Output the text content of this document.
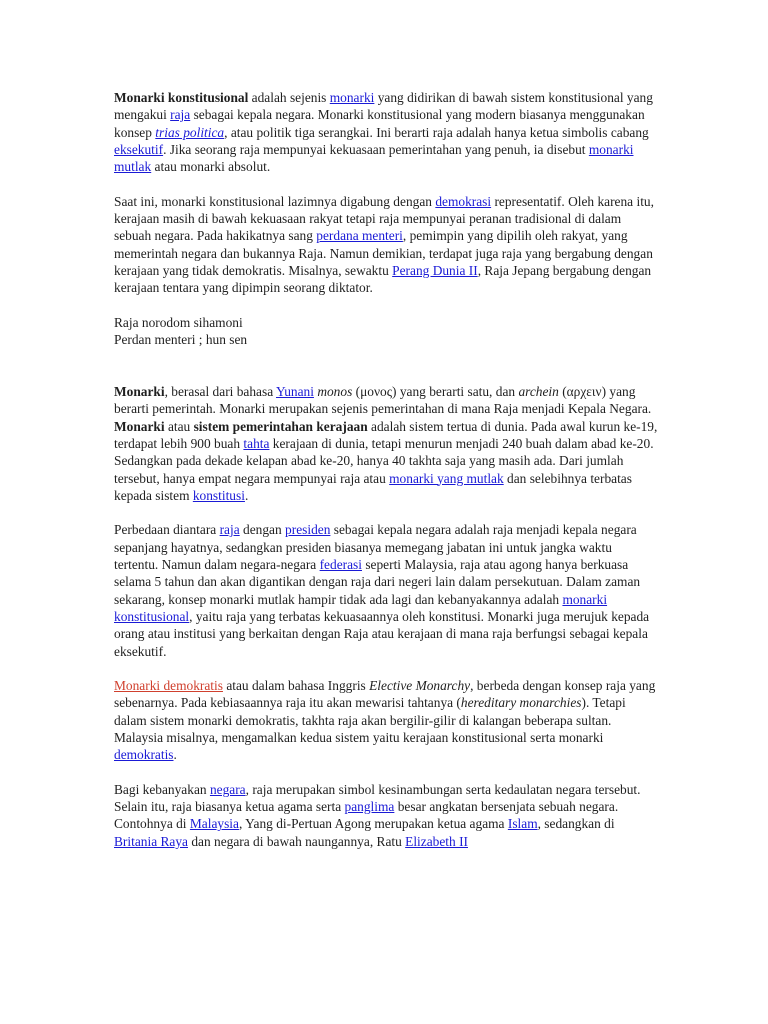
Monarki konstitusional adalah sejenis monarki yang didirikan di bawah sistem konstitusional yang mengakui raja sebagai kepala negara. Monarki konstitusional yang modern biasanya menggunakan konsep trias politica, atau politik tiga serangkai. Ini berarti raja adalah hanya ketua simbolis cabang eksekutif. Jika seorang raja mempunyai kekuasaan pemerintahan yang penuh, ia disebut monarki mutlak atau monarki absolut.

Saat ini, monarki konstitusional lazimnya digabung dengan demokrasi representatif. Oleh karena itu, kerajaan masih di bawah kekuasaan rakyat tetapi raja mempunyai peranan tradisional di dalam sebuah negara. Pada hakikatnya sang perdana menteri, pemimpin yang dipilih oleh rakyat, yang memerintah negara dan bukannya Raja. Namun demikian, terdapat juga raja yang bergabung dengan kerajaan yang tidak demokratis. Misalnya, sewaktu Perang Dunia II, Raja Jepang bergabung dengan kerajaan tentara yang dipimpin seorang diktator.

Raja norodom sihamoni

Perdan menteri ; hun sen

Monarki, berasal dari bahasa Yunani monos (μονος) yang berarti satu, dan archein (αρχειν) yang berarti pemerintah. Monarki merupakan sejenis pemerintahan di mana Raja menjadi Kepala Negara. Monarki atau sistem pemerintahan kerajaan adalah sistem tertua di dunia. Pada awal kurun ke-19, terdapat lebih 900 buah tahta kerajaan di dunia, tetapi menurun menjadi 240 buah dalam abad ke-20. Sedangkan pada dekade kelapan abad ke-20, hanya 40 takhta saja yang masih ada. Dari jumlah tersebut, hanya empat negara mempunyai raja atau monarki yang mutlak dan selebihnya terbatas kepada sistem konstitusi.

Perbedaan diantara raja dengan presiden sebagai kepala negara adalah raja menjadi kepala negara sepanjang hayatnya, sedangkan presiden biasanya memegang jabatan ini untuk jangka waktu tertentu. Namun dalam negara-negara federasi seperti Malaysia, raja atau agong hanya berkuasa selama 5 tahun dan akan digantikan dengan raja dari negeri lain dalam persekutuan. Dalam zaman sekarang, konsep monarki mutlak hampir tidak ada lagi dan kebanyakannya adalah monarki konstitusional, yaitu raja yang terbatas kekuasaannya oleh konstitusi. Monarki juga merujuk kepada orang atau institusi yang berkaitan dengan Raja atau kerajaan di mana raja berfungsi sebagai kepala eksekutif.

Monarki demokratis atau dalam bahasa Inggris Elective Monarchy, berbeda dengan konsep raja yang sebenarnya. Pada kebiasaannya raja itu akan mewarisi tahtanya (hereditary monarchies). Tetapi dalam sistem monarki demokratis, takhta raja akan bergilir-gilir di kalangan beberapa sultan. Malaysia misalnya, mengamalkan kedua sistem yaitu kerajaan konstitusional serta monarki demokratis.

Bagi kebanyakan negara, raja merupakan simbol kesinambungan serta kedaulatan negara tersebut. Selain itu, raja biasanya ketua agama serta panglima besar angkatan bersenjata sebuah negara. Contohnya di Malaysia, Yang di-Pertuan Agong merupakan ketua agama Islam, sedangkan di Britania Raya dan negara di bawah naungannya, Ratu Elizabeth II
